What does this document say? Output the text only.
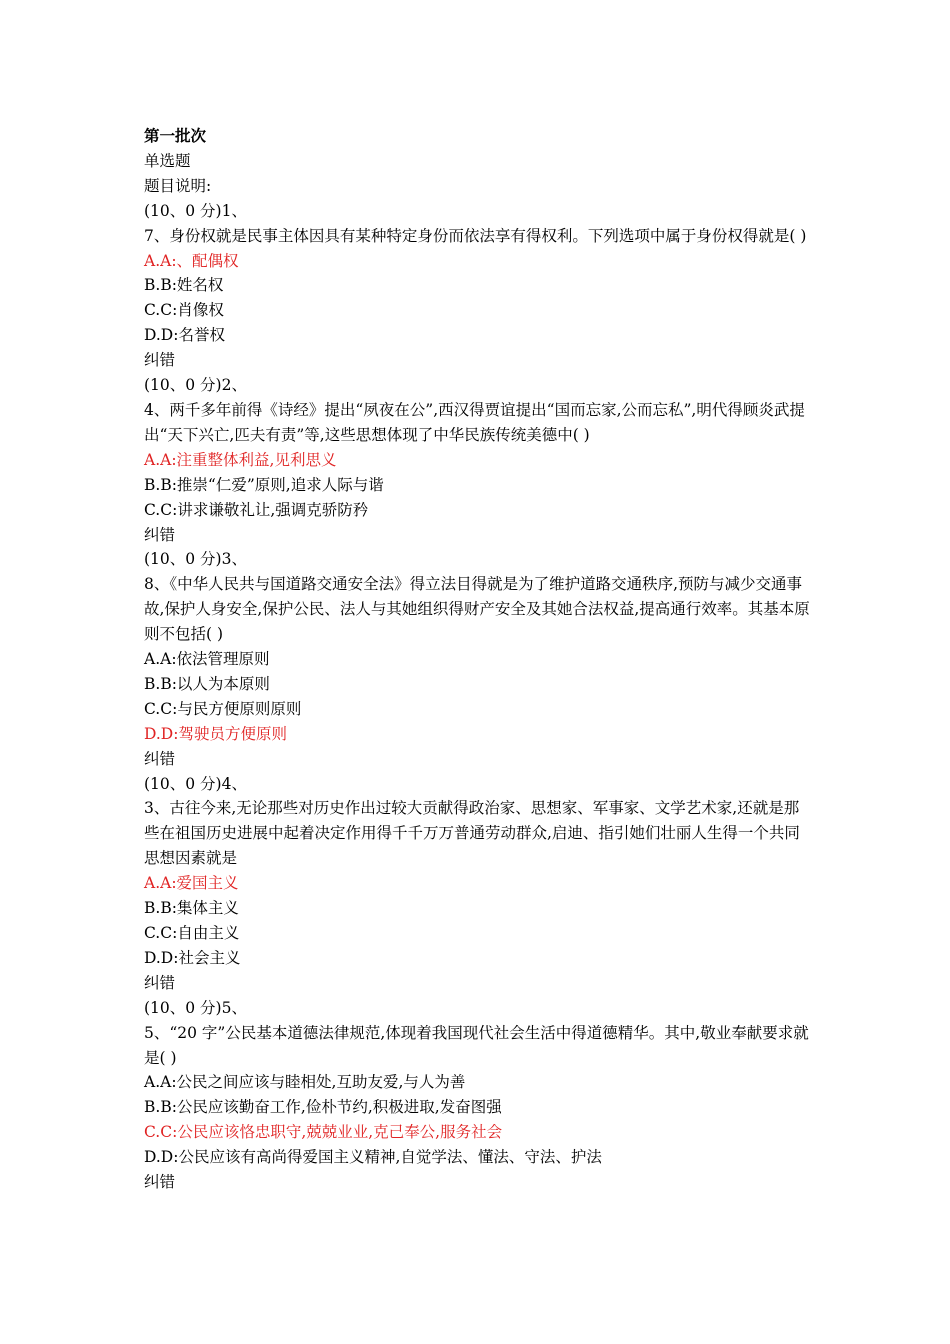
第一批次
单选题
题目说明:
(10、0 分)1、
7、身份权就是民事主体因具有某种特定身份而依法享有得权利。下列选项中属于身份权得就是( )
A.A:、配偶权
B.B:姓名权
C.C:肖像权
D.D:名誉权
纠错
(10、0 分)2、
4、两千多年前得《诗经》提出“夙夜在公”,西汉得贾谊提出“国而忘家,公而忘私”,明代得顾炎武提出“天下兴亡,匹夫有责”等,这些思想体现了中华民族传统美德中( )
A.A:注重整体利益,见利思义
B.B:推崇“仁爱”原则,追求人际与谐
C.C:讲求谦敬礼让,强调克骄防矜
纠错
(10、0 分)3、
8、《中华人民共与国道路交通安全法》得立法目得就是为了维护道路交通秩序,预防与减少交通事故,保护人身安全,保护公民、法人与其她组织得财产安全及其她合法权益,提高通行效率。其基本原则不包括( )
A.A:依法管理原则
B.B:以人为本原则
C.C:与民方便原则原则
D.D:驾驶员方便原则
纠错
(10、0 分)4、
3、古往今来,无论那些对历史作出过较大贡献得政治家、思想家、军事家、文学艺术家,还就是那些在祖国历史进展中起着决定作用得千千万万普通劳动群众,启迪、指引她们壮丽人生得一个共同思想因素就是
A.A:爱国主义
B.B:集体主义
C.C:自由主义
D.D:社会主义
纠错
(10、0 分)5、
5、“20 字”公民基本道德法律规范,体现着我国现代社会生活中得道德精华。其中,敬业奉献要求就是( )
A.A:公民之间应该与睦相处,互助友爱,与人为善
B.B:公民应该勤奋工作,俭朴节约,积极进取,发奋图强
C.C:公民应该恪忠职守,兢兢业业,克己奉公,服务社会
D.D:公民应该有高尚得爱国主义精神,自觉学法、懂法、守法、护法
纠错
